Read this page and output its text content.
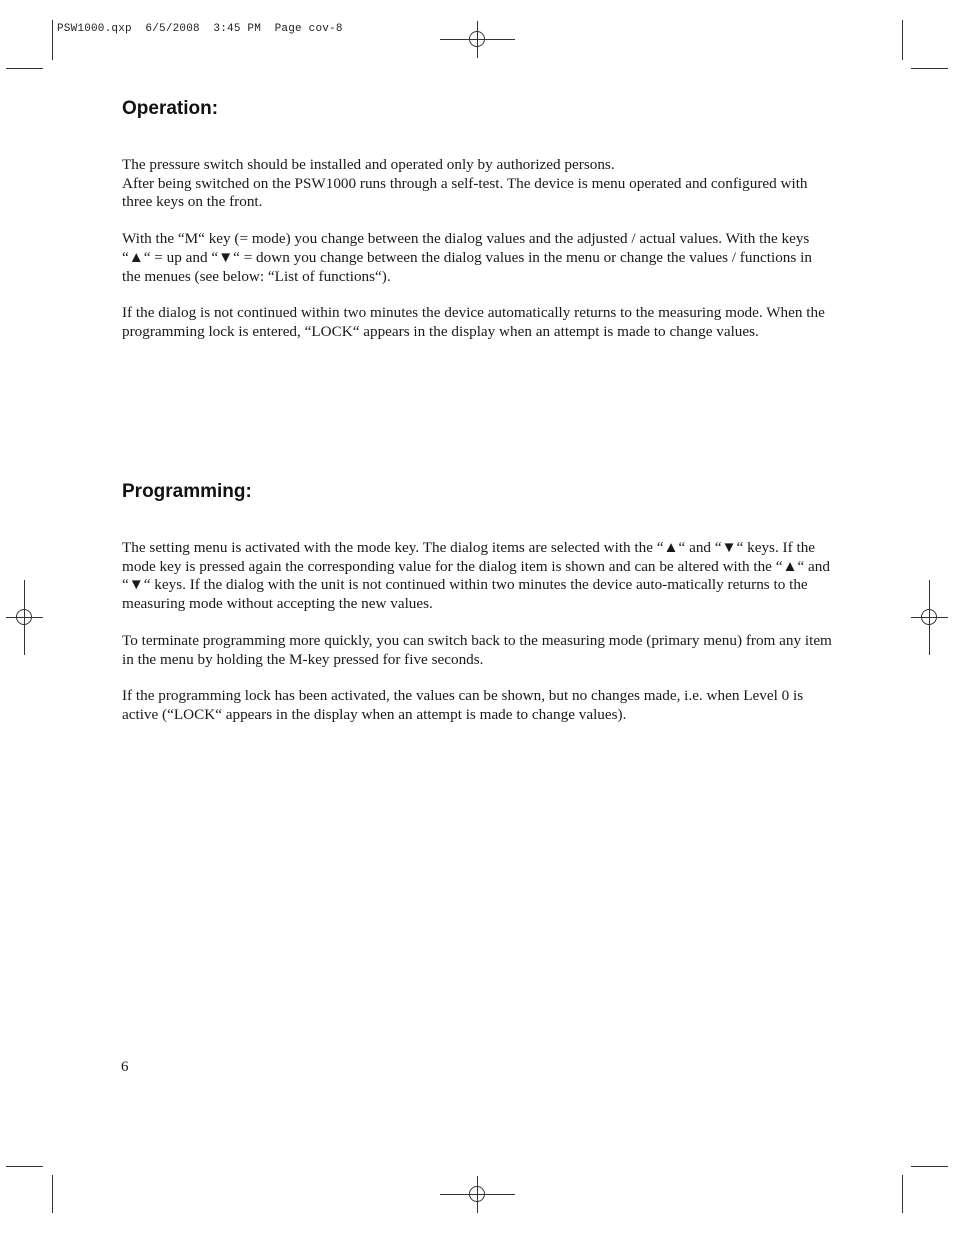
PSW1000.qxp  6/5/2008  3:45 PM  Page cov-8
Operation:

The pressure switch should be installed and operated only by authorized persons.

After being switched on the PSW1000 runs through a self-test. The device is menu operated and configured with three keys on the front.

With the “M“ key (= mode) you change between the dialog values and the adjusted / actual values. With the keys “▲“ = up and “▼“ = down you change between the dialog values in the menu or change the values / functions in the menues (see below: “List of functions“).

If the dialog is not continued within two minutes the device automatically returns to the measuring mode. When the programming lock is entered, “LOCK“ appears in the display when an attempt is made to change values.

Programming:

The setting menu is activated with the mode key. The dialog items are selected with the “▲“ and “▼“ keys. If the mode key is pressed again the corresponding value for the dialog item is shown and can be altered with the “▲“ and “▼“ keys. If the dialog with the unit is not continued within two minutes the device auto-matically returns to the measuring mode without accepting the new values.

To terminate programming more quickly, you can switch back to the measuring mode (primary menu) from any item in the menu by holding the M-key pressed for five seconds.

If the programming lock has been activated, the values can be shown, but no changes made, i.e. when Level 0 is active (“LOCK“ appears in the display when an attempt is made to change values).

6
